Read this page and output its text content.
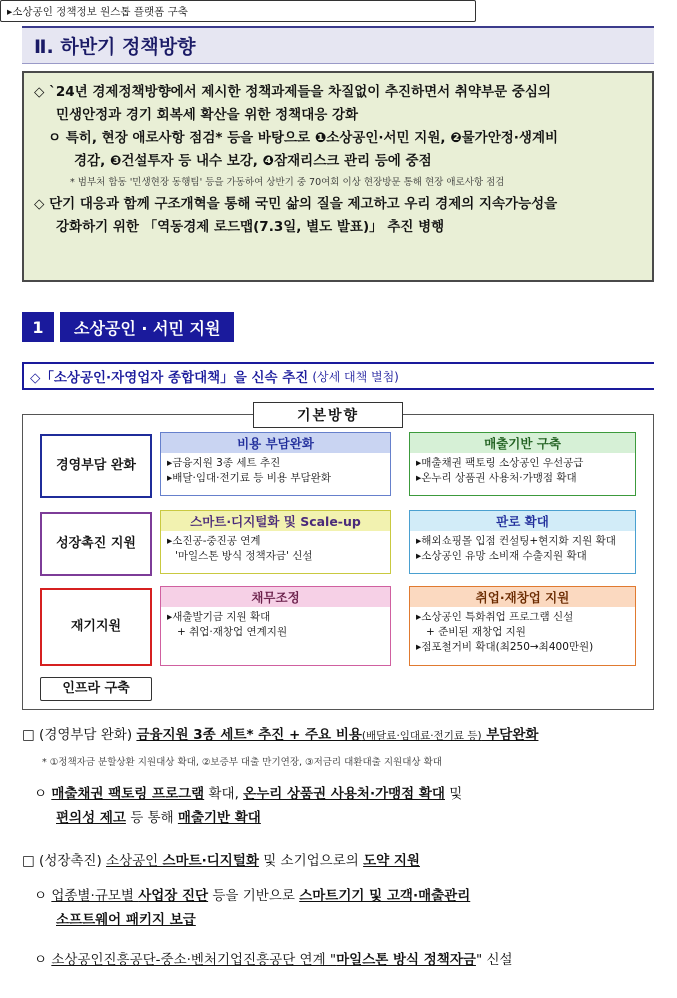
Ⅱ. 하반기 정책방향
◇ `24년 경제정책방향에서 제시한 정책과제들을 차질없이 추진하면서 취약부문 중심의
민생안정과 경기 회복세 확산을 위한 정책대응 강화
ㅇ 특히, 현장 애로사항 점검* 등을 바탕으로 ❶소상공인·서민 지원, ❷물가안정·생계비
경감, ❸건설투자 등 내수 보강, ❹잠재리스크 관리 등에 중점
* 범부처 합동 '민생현장 동행팀' 등을 가동하여 상반기 중 70여회 이상 현장방문 통해 현장 애로사항 점검
◇ 단기 대응과 함께 구조개혁을 통해 국민 삶의 질을 제고하고 우리 경제의 지속가능성을
강화하기 위한 「역동경제 로드맵(7.3일, 별도 발표)」 추진 병행
1	소상공인 · 서민 지원
◇「소상공인·자영업자 종합대책」을 신속 추진 (상세 대책 별첨)
기본방향
경영부담 완화
성장촉진 지원
재기지원
인프라 구축
비용 부담완화
▸금융지원 3종 세트 추진
▸배달·임대·전기료 등 비용 부담완화
매출기반 구축
▸매출채권 팩토링 소상공인 우선공급
▸온누리 상품권 사용처·가맹점 확대
스마트·디지털화 및 Scale-up
▸소진공-중진공 연계
'마일스톤 방식 정책자금' 신설
판로 확대
▸해외쇼핑몰 입점 컨설팅+현지화 지원 확대
▸소상공인 유망 소비재 수출지원 확대
채무조정
▸새출발기금 지원 확대
+ 취업·재창업 연계지원
취업·재창업 지원
▸소상공인 특화취업 프로그램 신설
+ 준비된 재창업 지원
▸점포철거비 확대(최250→최400만원)
▸소상공인 정책정보 원스톱 플랫폼 구축
□ (경영부담 완화) 금융지원 3종 세트* 추진 + 주요 비용(배달료·임대료·전기료 등) 부담완화
* ①정책자금 분할상환 지원대상 확대, ②보증부 대출 만기연장, ③저금리 대환대출 지원대상 확대
ㅇ 매출채권 팩토링 프로그램 확대, 온누리 상품권 사용처·가맹점 확대 및
편의성 제고 등 통해 매출기반 확대
□ (성장촉진) 소상공인 스마트·디지털화 및 소기업으로의 도약 지원
ㅇ 업종별·규모별 사업장 진단 등을 기반으로 스마트기기 및 고객·매출관리
소프트웨어 패키지 보급
ㅇ 소상공인진흥공단-중소·벤처기업진흥공단 연계 "마일스톤 방식 정책자금" 신설
